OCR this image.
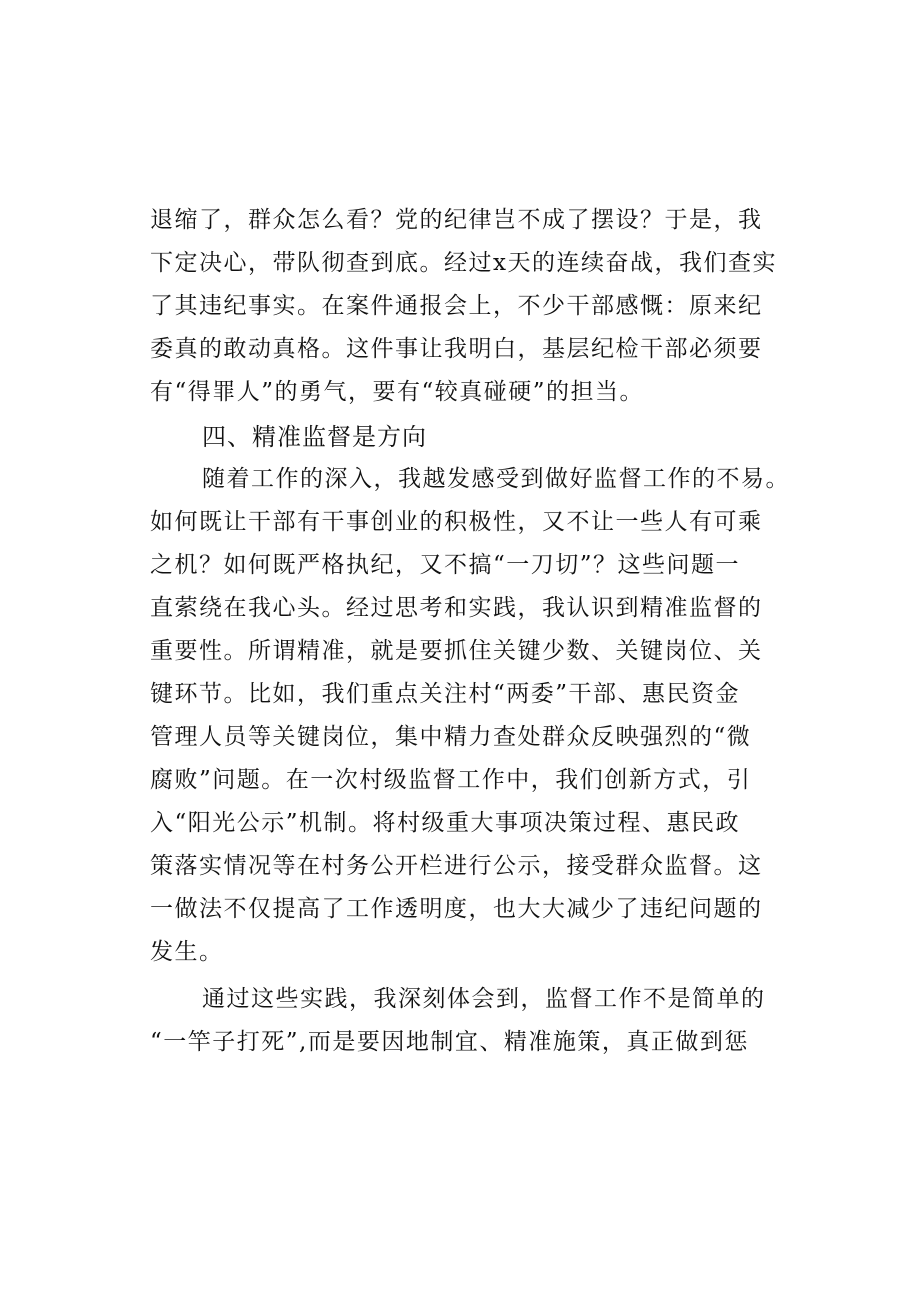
退缩了，群众怎么看？党的纪律岂不成了摆设？于是，我
下定决心，带队彻查到底。经过x天的连续奋战，我们查实
了其违纪事实。在案件通报会上，不少干部感慨：原来纪
委真的敢动真格。这件事让我明白，基层纪检干部必须要
有“得罪人”的勇气，要有“较真碰硬”的担当。
四、精准监督是方向
随着工作的深入，我越发感受到做好监督工作的不易。
如何既让干部有干事创业的积极性，又不让一些人有可乘
之机？如何既严格执纪，又不搞“一刀切”？这些问题一
直萦绕在我心头。经过思考和实践，我认识到精准监督的
重要性。所谓精准，就是要抓住关键少数、关键岗位、关
键环节。比如，我们重点关注村“两委”干部、惠民资金
管理人员等关键岗位，集中精力查处群众反映强烈的“微
腐败”问题。在一次村级监督工作中，我们创新方式，引
入“阳光公示”机制。将村级重大事项决策过程、惠民政
策落实情况等在村务公开栏进行公示，接受群众监督。这
一做法不仅提高了工作透明度，也大大减少了违纪问题的
发生。
通过这些实践，我深刻体会到，监督工作不是简单的
“一竿子打死”,而是要因地制宜、精准施策，真正做到惩
